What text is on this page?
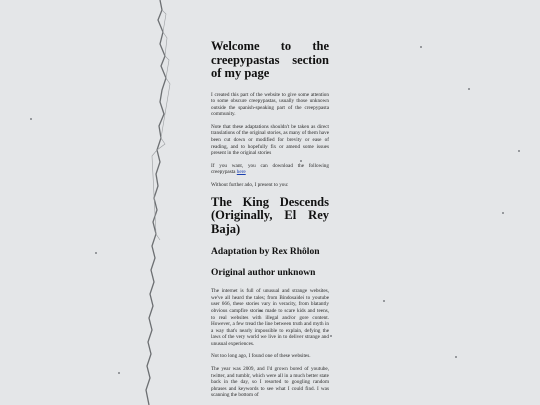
Welcome to the creepypastas section of my page

I created this part of the website to give some attention to some obscure creepypastas, usually those unknown outside the spanish-speaking part of the creepypasta community.

Note that these adaptations shouldn't be taken as direct translations of the original stories, as many of them have been cut down or modified for brevity or ease of reading, and to hopefully fix or amend some issues present in the original stories

If you want, you can download the following creepypasta here

Without further ado, I present to you:

The King Descends (Originally, El Rey Baja)
Adaptation by Rex Rhôlon
Original author unknown

The internet is full of unusual and strange websites, we've all heard the tales; from Bindosaidei to youtube user 666, these stories vary in veracity, from blatantly obvious campfire stories made to scare kids and teens, to real websites with illegal and/or gore content. However, a few tread the line between truth and myth in a way that's nearly impossible to explain, defying the laws of the very world we live in to deliver strange and unusual experiences.

Not too long ago, I found one of these websites.

The year was 2009, and I'd grown bored of youtube, twitter, and tumblr, which were all in a much better state back in the day, so I resorted to googling random phrases and keywords to see what I could find. I was scanning the bottom of
